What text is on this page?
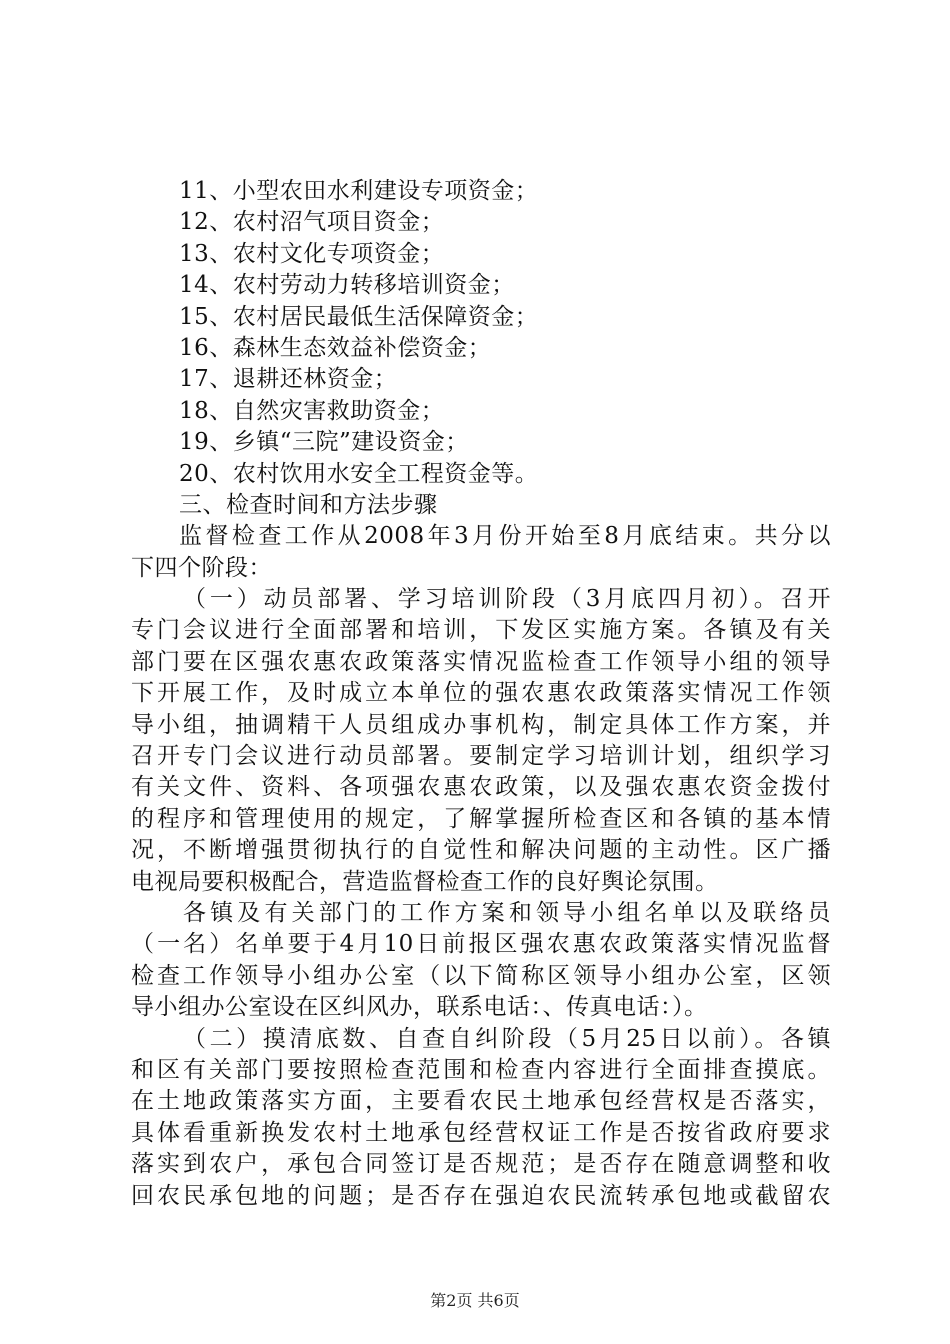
11、小型农田水利建设专项资金；
12、农村沼气项目资金；
13、农村文化专项资金；
14、农村劳动力转移培训资金；
15、农村居民最低生活保障资金；
16、森林生态效益补偿资金；
17、退耕还林资金；
18、自然灾害救助资金；
19、乡镇“三院”建设资金；
20、农村饮用水安全工程资金等。
三、检查时间和方法步骤
监督检查工作从2008年3月份开始至8月底结束。共分以
下四个阶段：
（一）动员部署、学习培训阶段（3月底四月初）。召开
专门会议进行全面部署和培训，下发区实施方案。各镇及有关
部门要在区强农惠农政策落实情况监检查工作领导小组的领导
下开展工作，及时成立本单位的强农惠农政策落实情况工作领
导小组，抽调精干人员组成办事机构，制定具体工作方案，并
召开专门会议进行动员部署。要制定学习培训计划，组织学习
有关文件、资料、各项强农惠农政策，以及强农惠农资金拨付
的程序和管理使用的规定，了解掌握所检查区和各镇的基本情
况，不断增强贯彻执行的自觉性和解决问题的主动性。区广播
电视局要积极配合，营造监督检查工作的良好舆论氛围。
各镇及有关部门的工作方案和领导小组名单以及联络员
（一名）名单要于4月10日前报区强农惠农政策落实情况监督
检查工作领导小组办公室（以下简称区领导小组办公室，区领
导小组办公室设在区纠风办，联系电话：、传真电话：）。
（二）摸清底数、自查自纠阶段（5月25日以前）。各镇
和区有关部门要按照检查范围和检查内容进行全面排查摸底。
在土地政策落实方面，主要看农民土地承包经营权是否落实，
具体看重新换发农村土地承包经营权证工作是否按省政府要求
落实到农户，承包合同签订是否规范；是否存在随意调整和收
回农民承包地的问题；是否存在强迫农民流转承包地或截留农
第2页 共6页
